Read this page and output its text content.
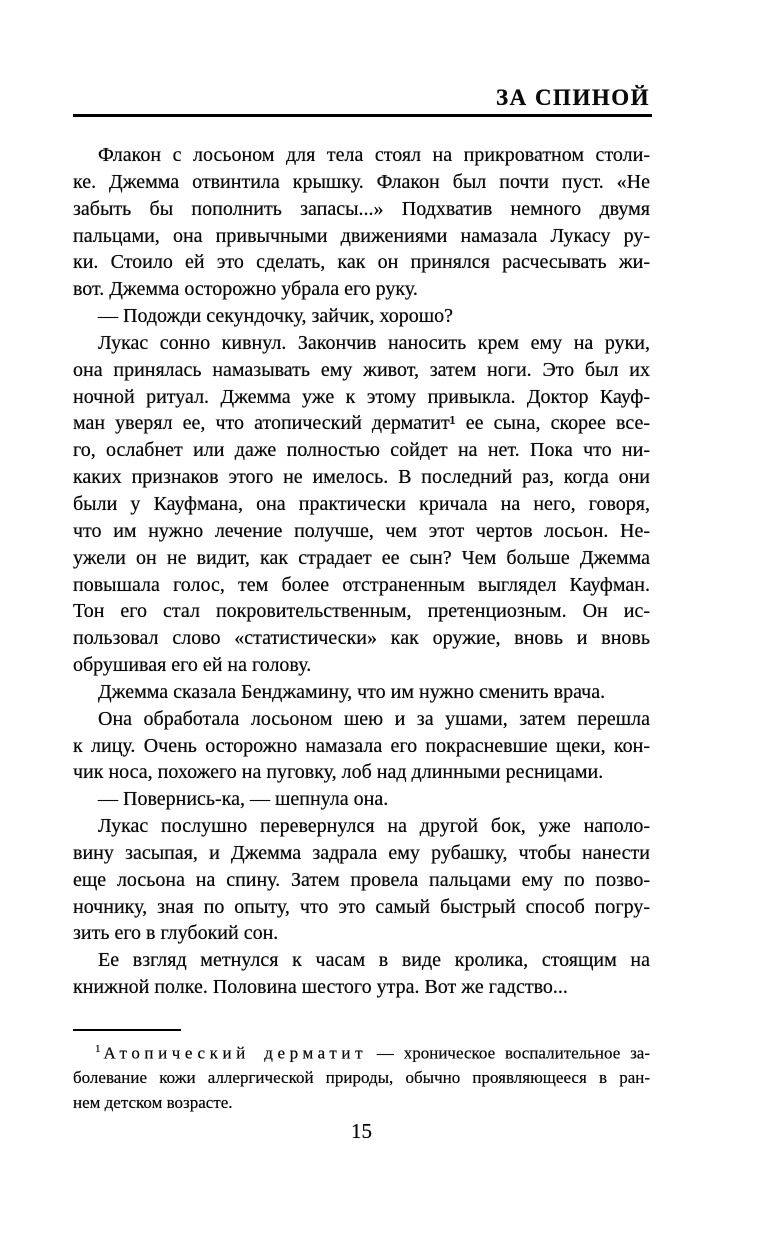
ЗА СПИНОЙ
Флакон с лосьоном для тела стоял на прикроватном столи-
ке. Джемма отвинтила крышку. Флакон был почти пуст. «Не
забыть бы пополнить запасы...» Подхватив немного двумя
пальцами, она привычными движениями намазала Лукасу ру-
ки. Стоило ей это сделать, как он принялся расчесывать жи-
вот. Джемма осторожно убрала его руку.
— Подожди секундочку, зайчик, хорошо?
Лукас сонно кивнул. Закончив наносить крем ему на руки,
она принялась намазывать ему живот, затем ноги. Это был их
ночной ритуал. Джемма уже к этому привыкла. Доктор Кауф-
ман уверял ее, что атопический дерматит¹ ее сына, скорее все-
го, ослабнет или даже полностью сойдет на нет. Пока что ни-
каких признаков этого не имелось. В последний раз, когда они
были у Кауфмана, она практически кричала на него, говоря,
что им нужно лечение получше, чем этот чертов лосьон. Не-
ужели он не видит, как страдает ее сын? Чем больше Джемма
повышала голос, тем более отстраненным выглядел Кауфман.
Тон его стал покровительственным, претенциозным. Он ис-
пользовал слово «статистически» как оружие, вновь и вновь
обрушивая его ей на голову.
Джемма сказала Бенджамину, что им нужно сменить врача.
Она обработала лосьоном шею и за ушами, затем перешла
к лицу. Очень осторожно намазала его покрасневшие щеки, кон-
чик носа, похожего на пуговку, лоб над длинными ресницами.
— Повернись-ка, — шепнула она.
Лукас послушно перевернулся на другой бок, уже наполо-
вину засыпая, и Джемма задрала ему рубашку, чтобы нанести
еще лосьона на спину. Затем провела пальцами ему по позво-
ночнику, зная по опыту, что это самый быстрый способ погру-
зить его в глубокий сон.
Ее взгляд метнулся к часам в виде кролика, стоящим на
книжной полке. Половина шестого утра. Вот же гадство...
$^1$ Атопический дерматит — хроническое воспалительное за-
болевание кожи аллергической природы, обычно проявляющееся в ран-
нем детском возрасте.
15
